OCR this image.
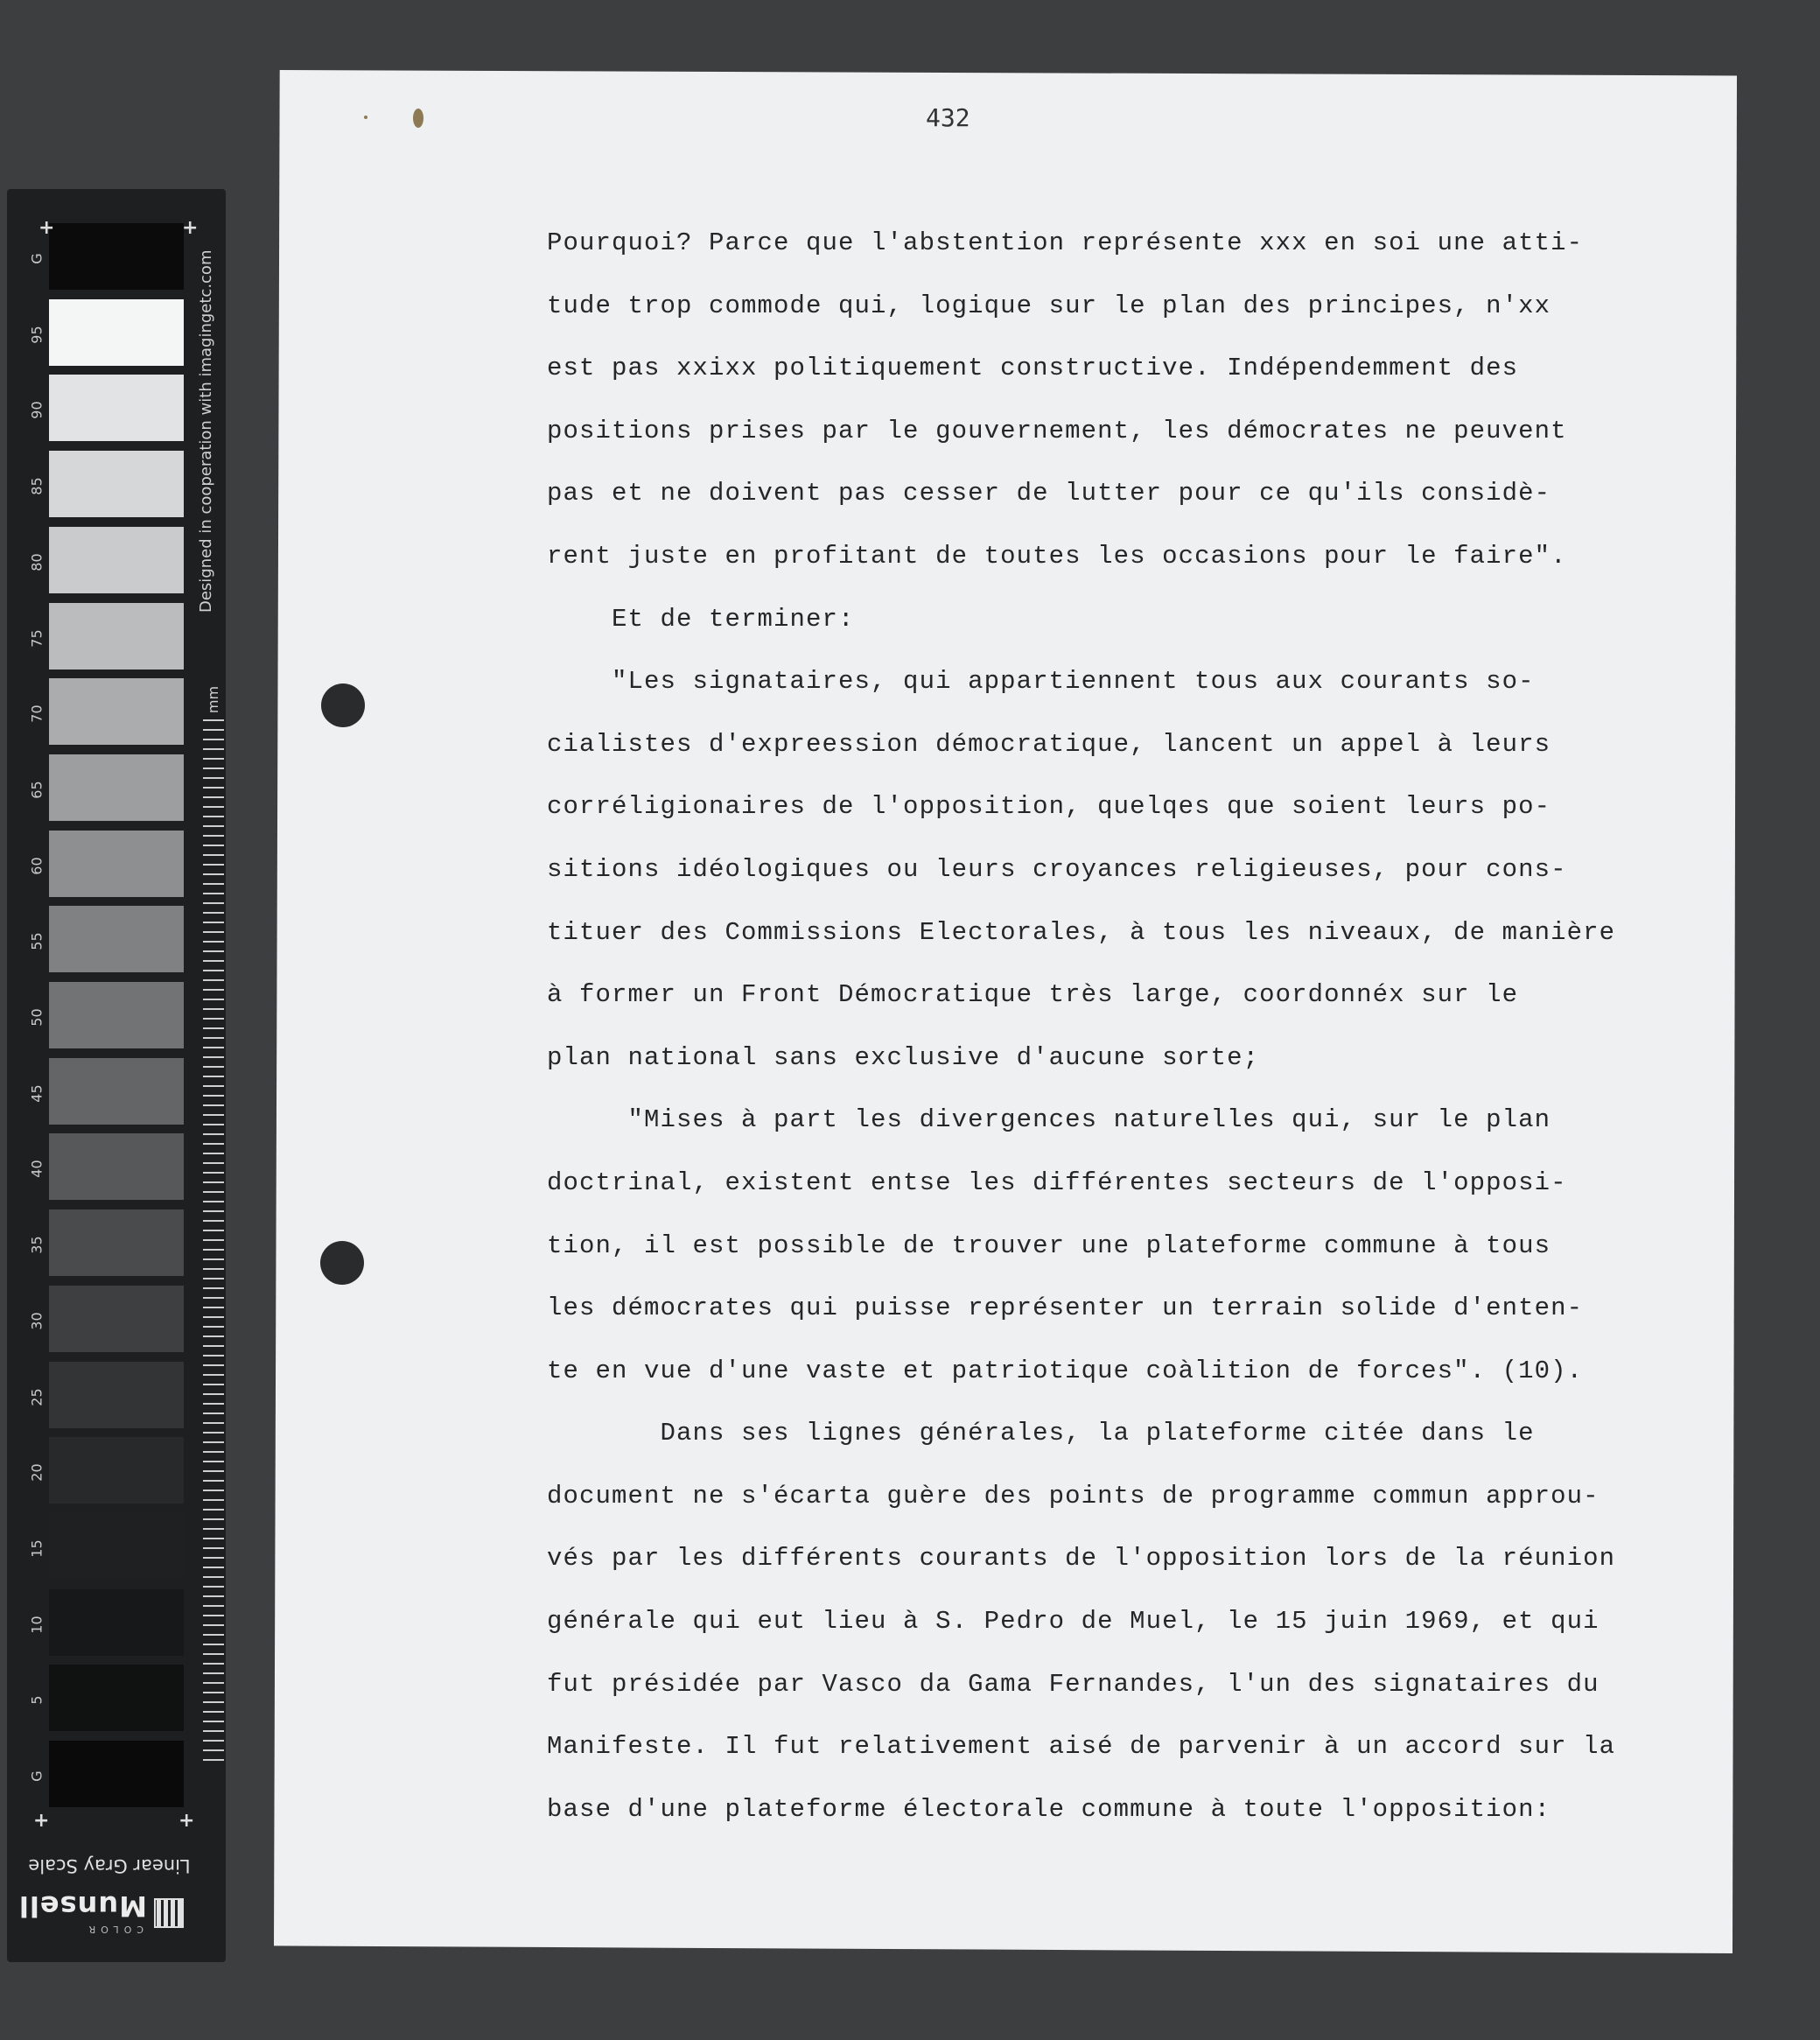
G
95
90
85
80
75
70
65
60
55
50
45
40
35
30
25
20
15
10
5
G
+	+
+	+
Designed in cooperation with imagingetc.com
mm
Linear Gray Scale
COLOR
Munsell
432
Pourquoi? Parce que l'abstention représente xxx en soi une atti-
tude trop commode qui, logique sur le plan des principes, n'xx
est pas xxixx politiquement constructive. Indépendemment des
positions prises par le gouvernement, les démocrates ne peuvent
pas et ne doivent pas cesser de lutter pour ce qu'ils considè-
rent juste en profitant de toutes les occasions pour le faire".
Et de terminer:
"Les signataires, qui appartiennent tous aux courants so-
cialistes d'expreession démocratique, lancent un appel à leurs
corréligionaires de l'opposition, quelqes que soient leurs po-
sitions idéologiques ou leurs croyances religieuses, pour cons-
tituer des Commissions Electorales, à tous les niveaux, de manière
à former un Front Démocratique très large, coordonnéx sur le
plan national sans exclusive d'aucune sorte;
"Mises à part les divergences naturelles qui, sur le plan
doctrinal, existent entse les différentes secteurs de l'opposi-
tion, il est possible de trouver une plateforme commune à tous
les démocrates qui puisse représenter un terrain solide d'enten-
te en vue d'une vaste et patriotique coàlition de forces". (10).
Dans ses lignes générales, la plateforme citée dans le
document ne s'écarta guère des points de programme commun approu-
vés par les différents courants de l'opposition lors de la réunion
générale qui eut lieu à S. Pedro de Muel, le 15 juin 1969, et qui
fut présidée par Vasco da Gama Fernandes, l'un des signataires du
Manifeste. Il fut relativement aisé de parvenir à un accord sur la
base d'une plateforme électorale commune à toute l'opposition:
